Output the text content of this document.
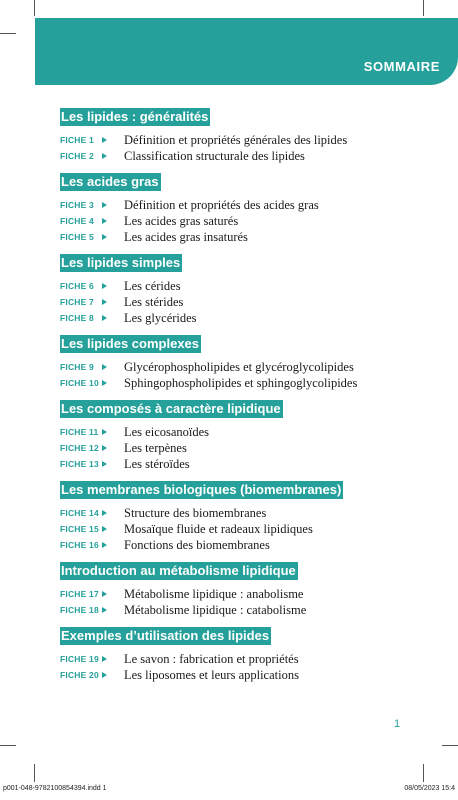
SOMMAIRE
Les lipides : généralités

FICHE 1 Définition et propriétés générales des lipides
FICHE 2 Classification structurale des lipides
Les acides gras

FICHE 3 Définition et propriétés des acides gras
FICHE 4 Les acides gras saturés
FICHE 5 Les acides gras insaturés
Les lipides simples

FICHE 6 Les cérides
FICHE 7 Les stérides
FICHE 8 Les glycérides
Les lipides complexes

FICHE 9 Glycérophospholipides et glycéroglycolipides
FICHE 10 Sphingophospholipides et sphingoglycolipides
Les composés à caractère lipidique

FICHE 11 Les eicosanoïdes
FICHE 12 Les terpènes
FICHE 13 Les stéroïdes
Les membranes biologiques (biomembranes)

FICHE 14 Structure des biomembranes
FICHE 15 Mosaïque fluide et radeaux lipidiques
FICHE 16 Fonctions des biomembranes
Introduction au métabolisme lipidique

FICHE 17 Métabolisme lipidique : anabolisme
FICHE 18 Métabolisme lipidique : catabolisme
Exemples d’utilisation des lipides

FICHE 19 Le savon : fabrication et propriétés
FICHE 20 Les liposomes et leurs applications
1
p001-048-9782100854394.indd 1	08/05/2023 15:4
